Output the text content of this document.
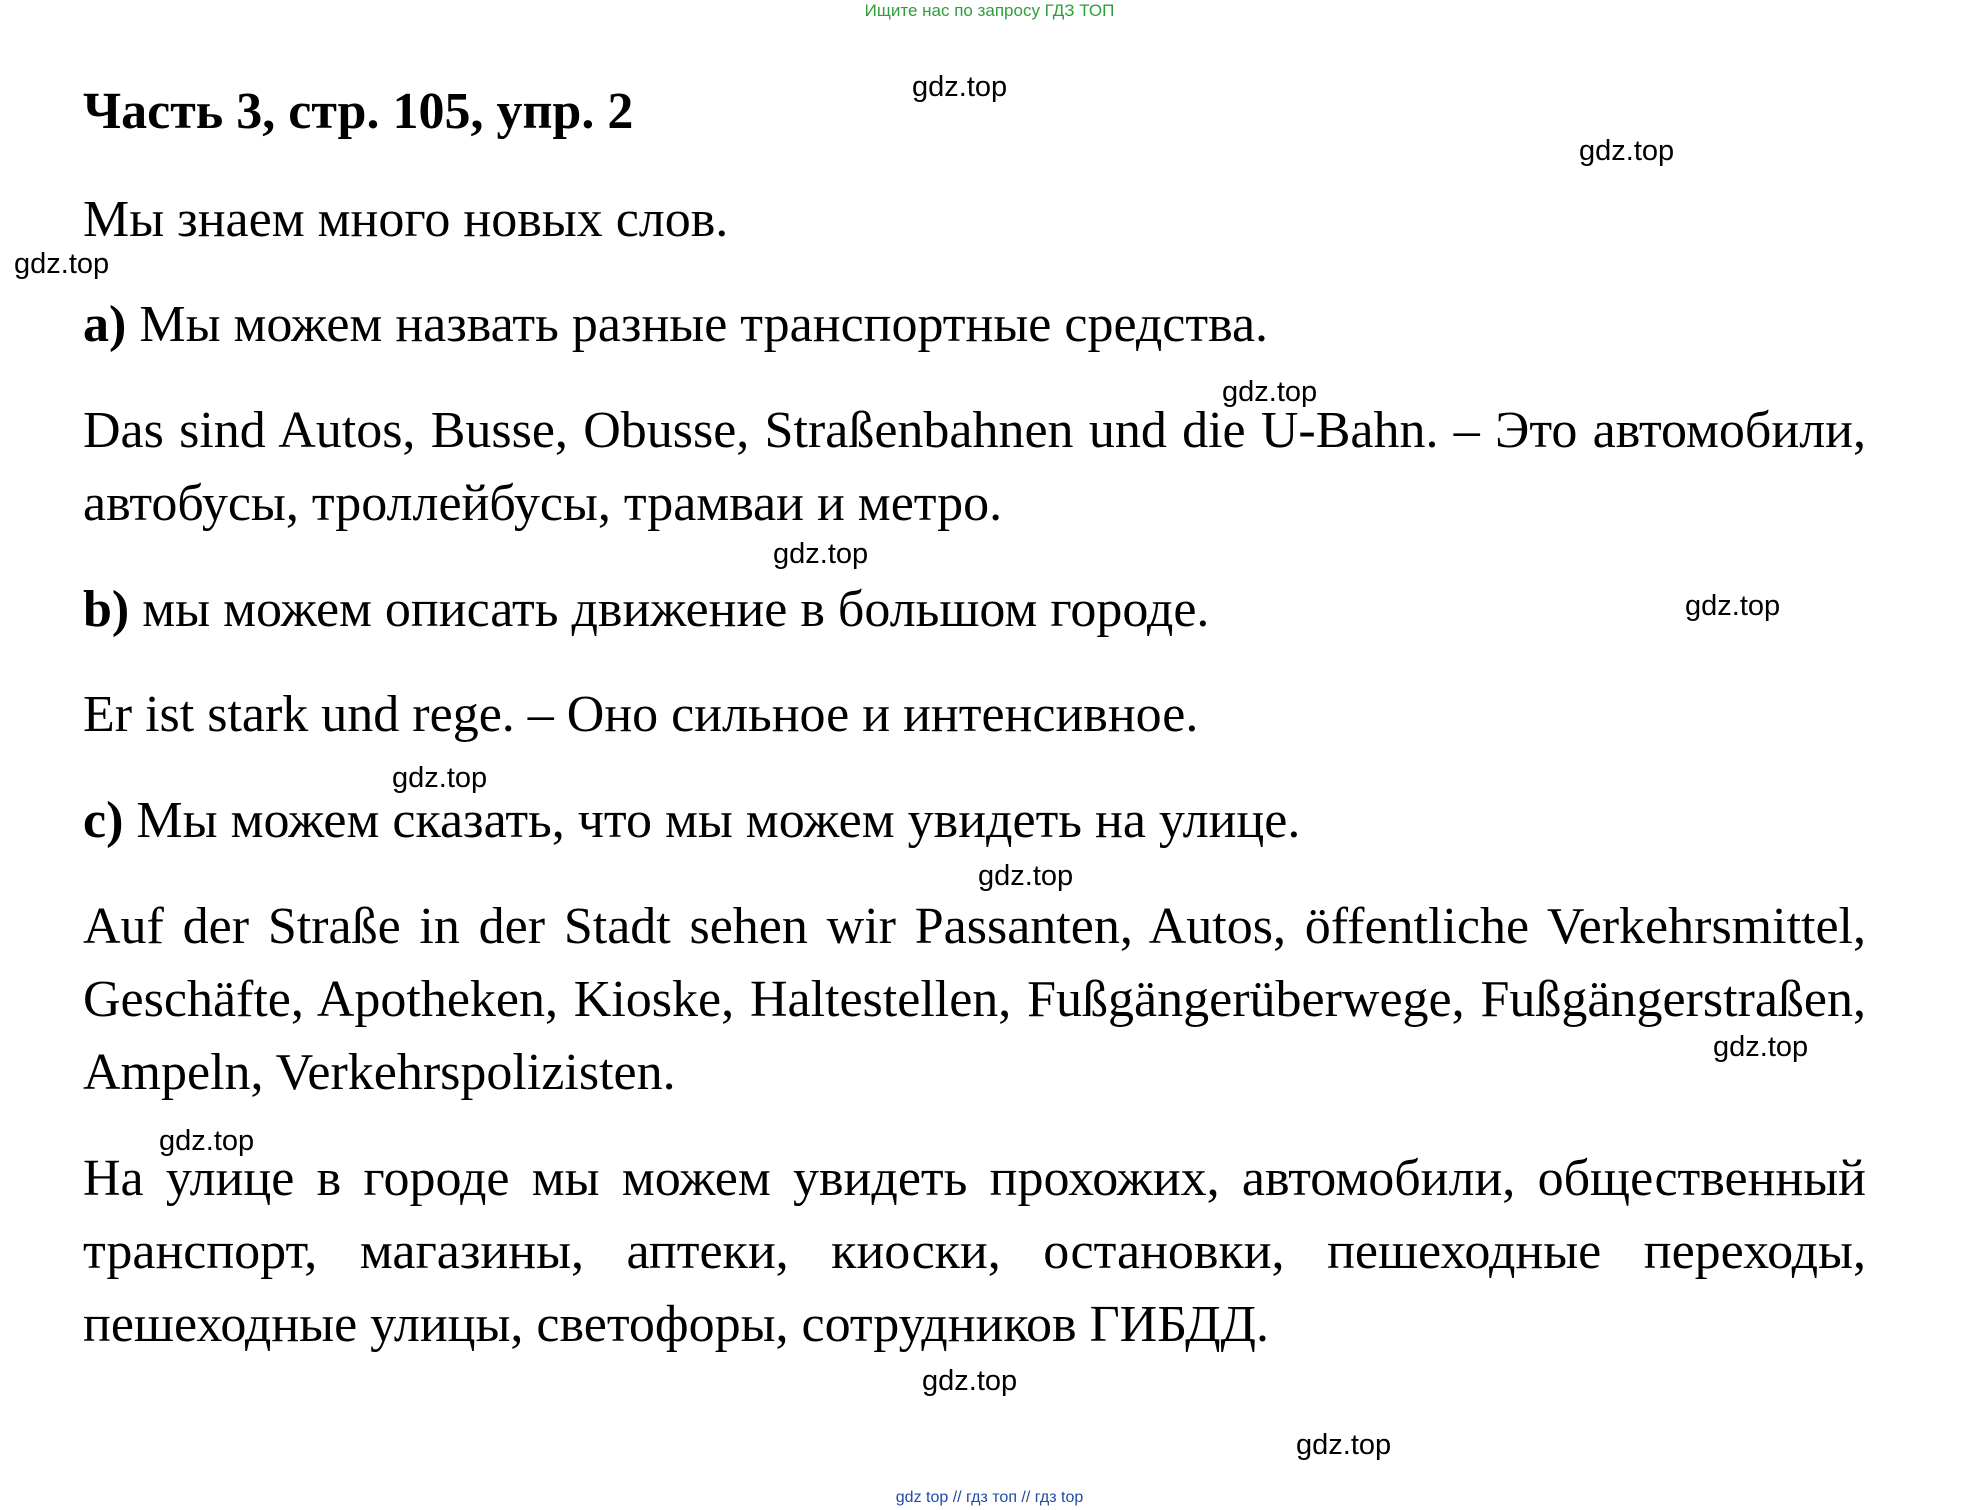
Ищите нас по запросу ГДЗ ТОП
Часть 3, стр. 105, упр. 2

Мы знаем много новых слов.

a) Мы можем назвать разные транспортные средства.

Das sind Autos, Busse, Obusse, Straßenbahnen und die U-Bahn. – Это автомобили, автобусы, троллейбусы, трамваи и метро.

b) мы можем описать движение в большом городе.

Er ist stark und rege. – Оно сильное и интенсивное.

c) Мы можем сказать, что мы можем увидеть на улице.

Auf der Straße in der Stadt sehen wir Passanten, Autos, öffentliche Verkehrsmittel, Geschäfte, Apotheken, Kioske, Haltestellen, Fußgängerüberwege, Fußgängerstraßen, Ampeln, Verkehrspolizisten.

На улице в городе мы можем увидеть прохожих, автомобили, общественный транспорт, магазины, аптеки, киоски, остановки, пешеходные переходы, пешеходные улицы, светофоры, сотрудников ГИБДД.

gdz.top
gdz.top
gdz.top
gdz.top
gdz.top
gdz.top
gdz.top
gdz.top
gdz.top
gdz.top
gdz.top
gdz.top
gdz top // гдз топ // гдз top
